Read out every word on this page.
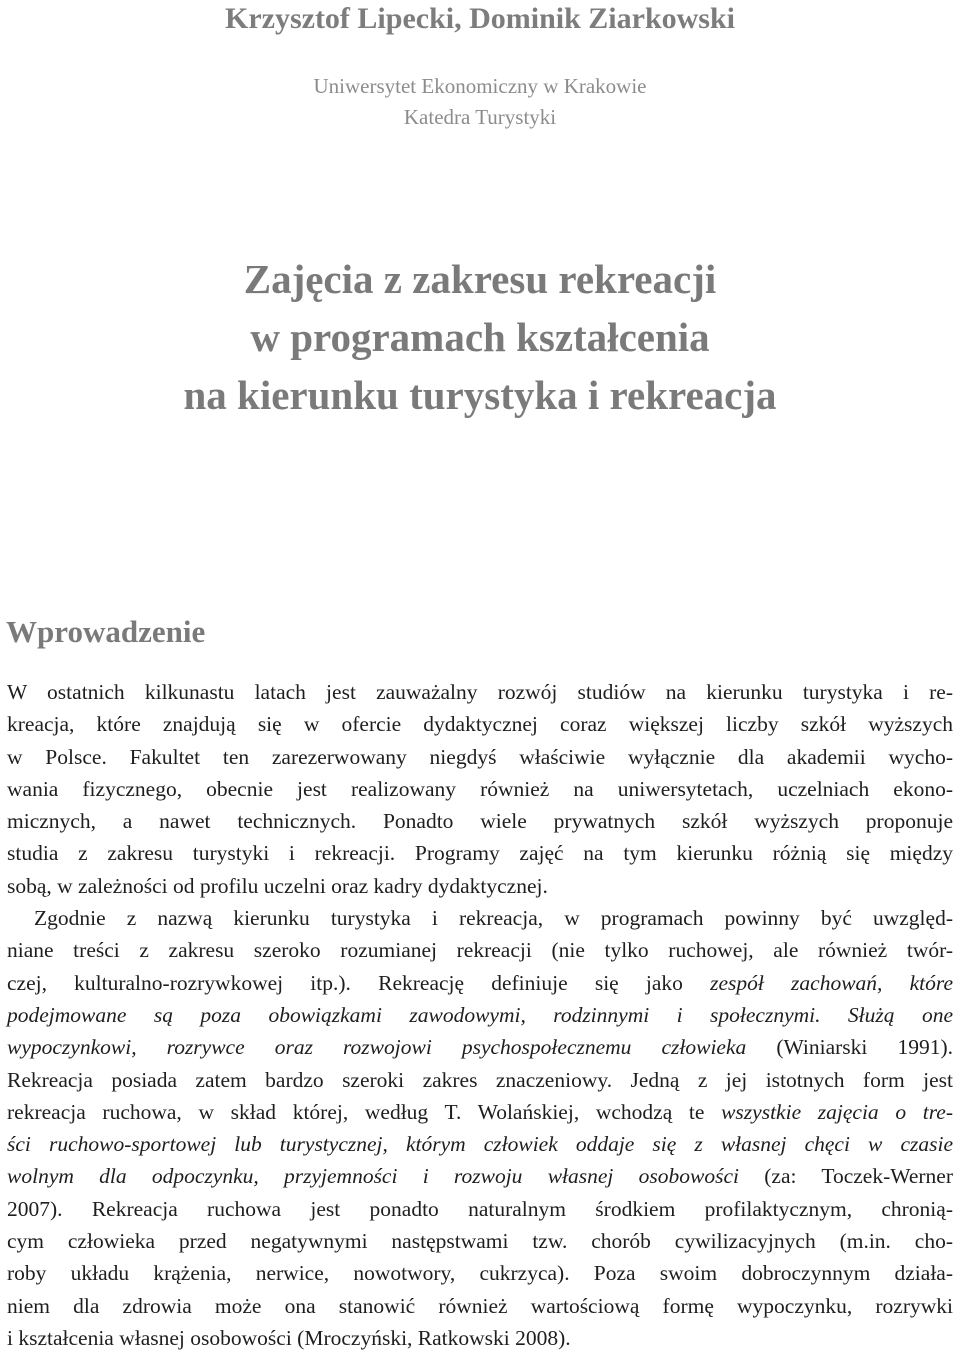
Krzysztof Lipecki, Dominik Ziarkowski
Uniwersytet Ekonomiczny w Krakowie
Katedra Turystyki
Zajęcia z zakresu rekreacji
w programach kształcenia
na kierunku turystyka i rekreacja
Wprowadzenie
W ostatnich kilkunastu latach jest zauważalny rozwój studiów na kierunku turystyka i re-
kreacja, które znajdują się w ofercie dydaktycznej coraz większej liczby szkół wyższych
w Polsce. Fakultet ten zarezerwowany niegdyś właściwie wyłącznie dla akademii wycho-
wania fizycznego, obecnie jest realizowany również na uniwersytetach, uczelniach ekono-
micznych, a nawet technicznych. Ponadto wiele prywatnych szkół wyższych proponuje
studia z zakresu turystyki i rekreacji. Programy zajęć na tym kierunku różnią się między
sobą, w zależności od profilu uczelni oraz kadry dydaktycznej.
Zgodnie z nazwą kierunku turystyka i rekreacja, w programach powinny być uwzględ-
niane treści z zakresu szeroko rozumianej rekreacji (nie tylko ruchowej, ale również twór-
czej, kulturalno-rozrywkowej itp.). Rekreację definiuje się jako zespół zachowań, które
podejmowane są poza obowiązkami zawodowymi, rodzinnymi i społecznymi. Służą one
wypoczynkowi, rozrywce oraz rozwojowi psychospołecznemu człowieka (Winiarski 1991).
Rekreacja posiada zatem bardzo szeroki zakres znaczeniowy. Jedną z jej istotnych form jest
rekreacja ruchowa, w skład której, według T. Wolańskiej, wchodzą te wszystkie zajęcia o tre-
ści ruchowo-sportowej lub turystycznej, którym człowiek oddaje się z własnej chęci w czasie
wolnym dla odpoczynku, przyjemności i rozwoju własnej osobowości (za: Toczek-Werner
2007). Rekreacja ruchowa jest ponadto naturalnym środkiem profilaktycznym, chronią-
cym człowieka przed negatywnymi następstwami tzw. chorób cywilizacyjnych (m.in. cho-
roby układu krążenia, nerwice, nowotwory, cukrzyca). Poza swoim dobroczynnym działa-
niem dla zdrowia może ona stanowić również wartościową formę wypoczynku, rozrywki
i kształcenia własnej osobowości (Mroczyński, Ratkowski 2008).
